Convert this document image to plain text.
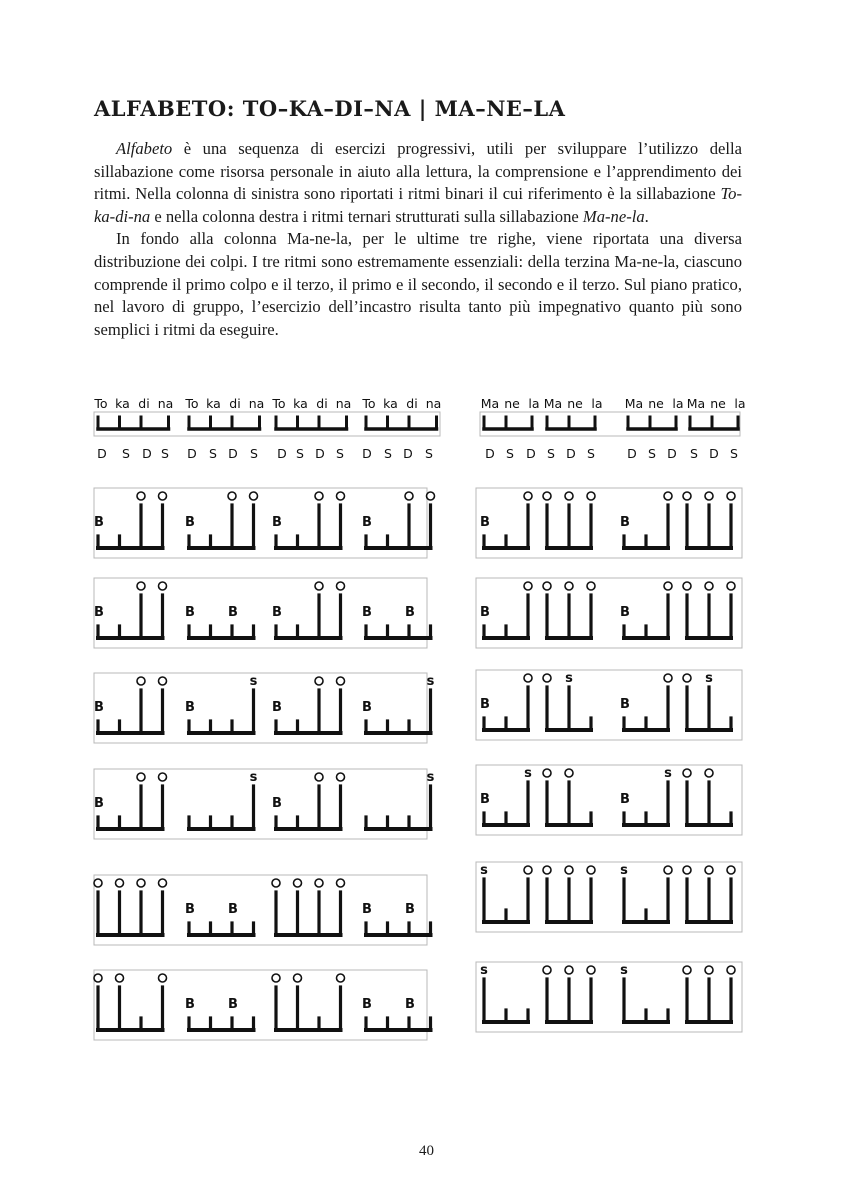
ALFABETO: TO–KA–DI–NA | MA–NE–LA

Alfabeto è una sequenza di esercizi progressivi, utili per sviluppare l’utilizzo della sillabazione come risorsa personale in aiuto alla lettura, la comprensione e l’apprendimento dei ritmi. Nella colonna di sinistra sono riportati i ritmi binari il cui riferimento è la sillabazione To-ka-di-na e nella colonna destra i ritmi ternari strutturati sulla sillabazione Ma-ne-la.

In fondo alla colonna Ma-ne-la, per le ultime tre righe, viene riportata una diversa distribuzione dei colpi. I tre ritmi sono estremamente essenziali: della terzina Ma-ne-la, ciascuno comprende il primo colpo e il terzo, il primo e il secondo, il secondo e il terzo. Sul piano pratico, nel lavoro di gruppo, l’esercizio dell’incastro risulta tanto più impegnativo quanto più sono semplici i ritmi da eseguire.

To ka di na To ka di na To ka di na To ka di na
D S D S D S D S D S D S D S D S
Ma ne la Ma ne la Ma ne la Ma ne la
D S D S D S	D S D S D S
B	B	B	B
B	B	B	B	B	B
B	B
s
B	B
s
B
s
B
s
B	B	B	B
B	B	B	B
B	B
B	B
B
s
B
s
B
s
B
s
s	s
s	s
40
